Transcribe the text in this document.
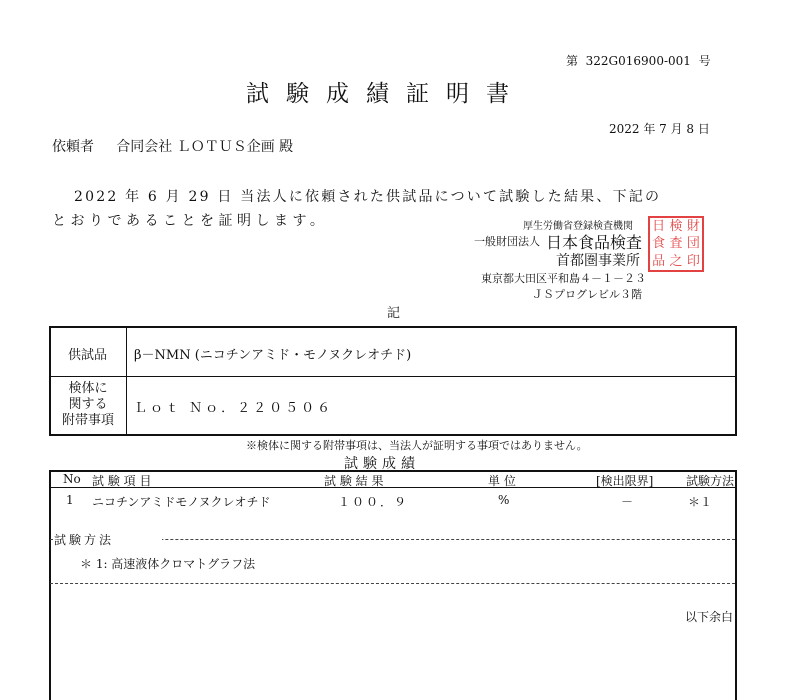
第 322G016900-001 号
試験成績証明書
2022 年 7 月 8 日
依頼者 合同会社 ＬＯＴＵＳ企画 殿
2022 年 6 月 29 日 当法人に依頼された供試品について試験した結果、下記の
とおりであることを証明します。	厚生労働省登録検査機関
一般財団法人 日本食品検査
首都圏事業所
東京都大田区平和島４－１－２３
ＪＳプログレビル３階
日 検 財
食 査 団
品 之 印
記
供試品 β－NMN (ニコチンアミド・モノヌクレオチド)
検体に
関する
附帯事項
Ｌｏｔ Ｎｏ．２２０５０６
※検体に関する附帯事項は、当法人が証明する事項ではありません。
試験成績
No 試 験 項 目	試 験 結 果	単 位	[検出限界]	試験方法
1 ニコチンアミドモノヌクレオチド	１００．９	%	－	＊１
試験方法
＊ 1: 高速液体クロマトグラフ法
以下余白
